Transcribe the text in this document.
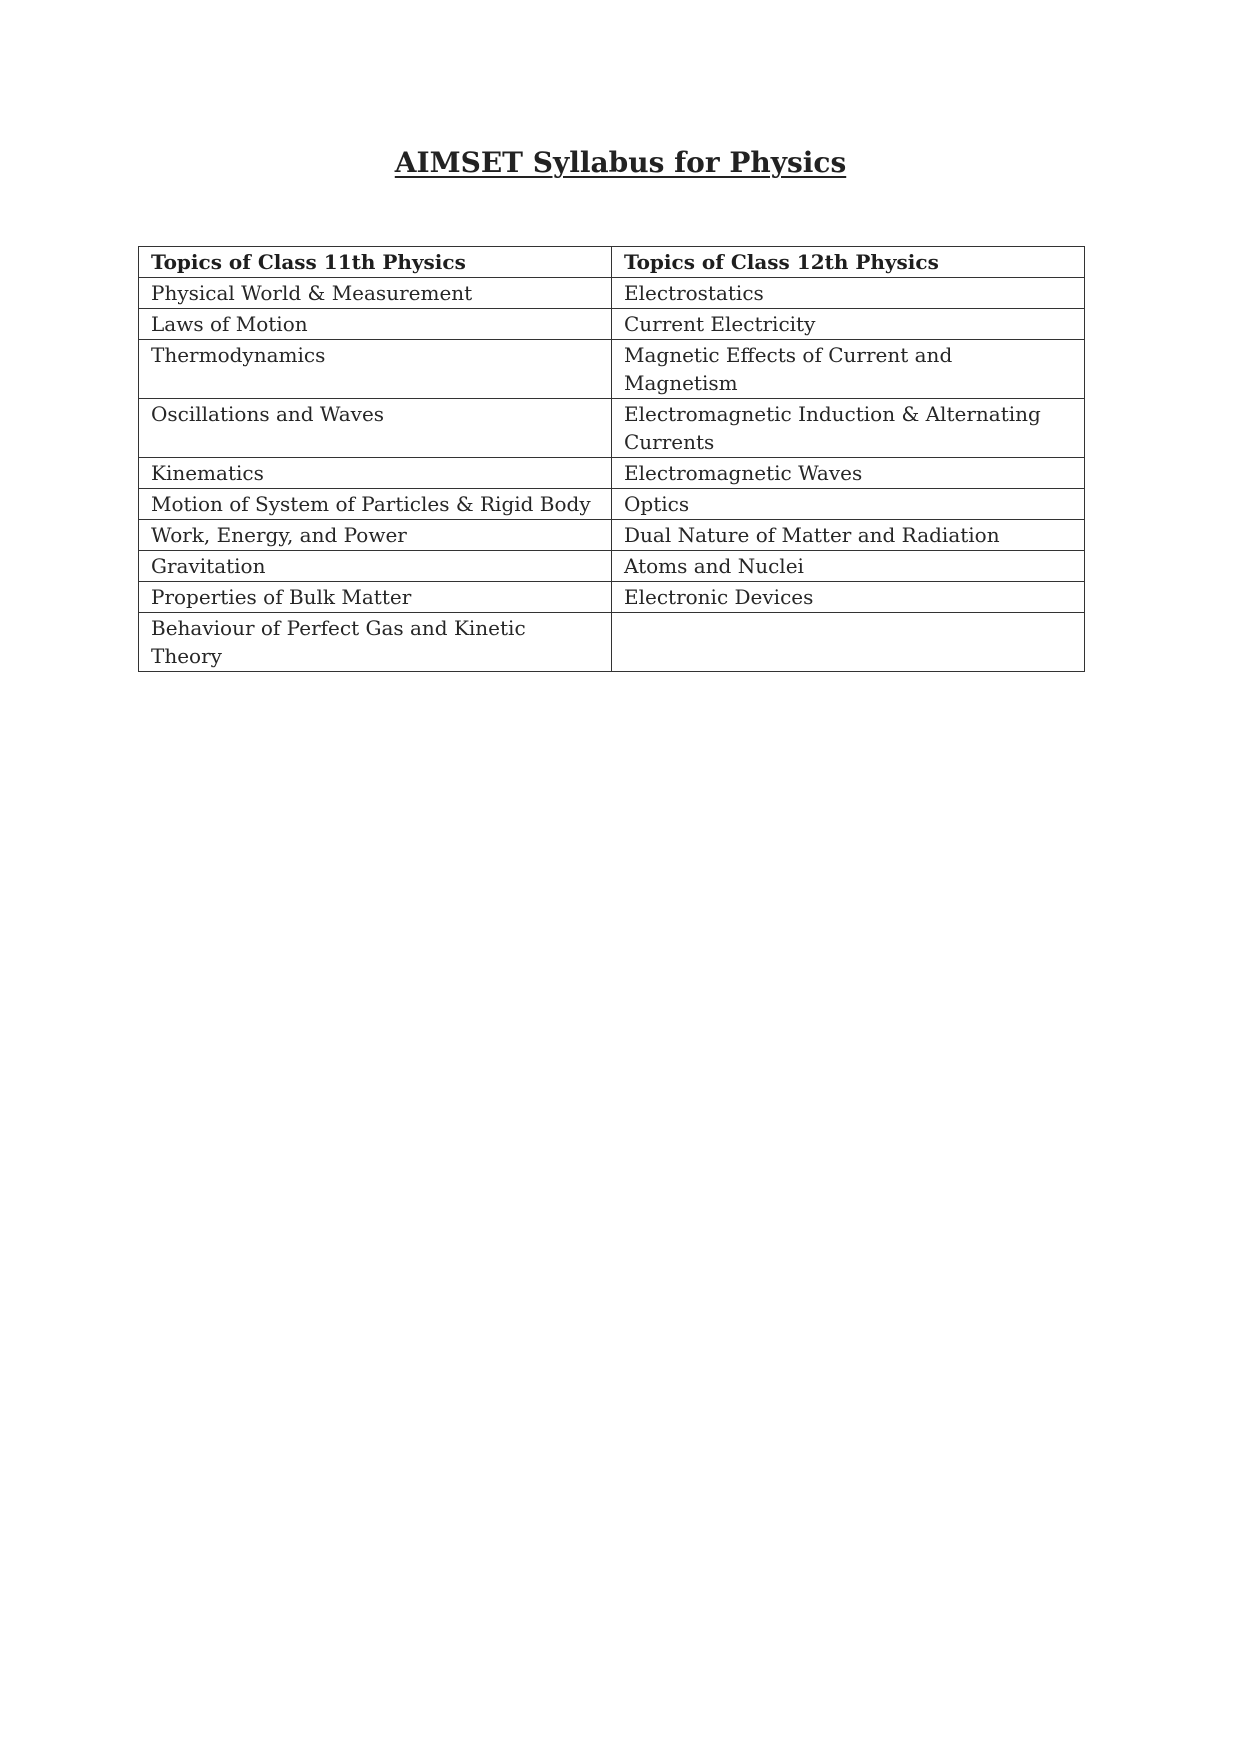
AIMSET Syllabus for Physics
Topics of Class 11th Physics	Topics of Class 12th Physics
Physical World & Measurement	Electrostatics
Laws of Motion	Current Electricity
Thermodynamics	Magnetic Effects of Current and Magnetism
Oscillations and Waves	Electromagnetic Induction & Alternating Currents
Kinematics	Electromagnetic Waves
Motion of System of Particles & Rigid Body	Optics
Work, Energy, and Power	Dual Nature of Matter and Radiation
Gravitation	Atoms and Nuclei
Properties of Bulk Matter	Electronic Devices
Behaviour of Perfect Gas and Kinetic Theory	
